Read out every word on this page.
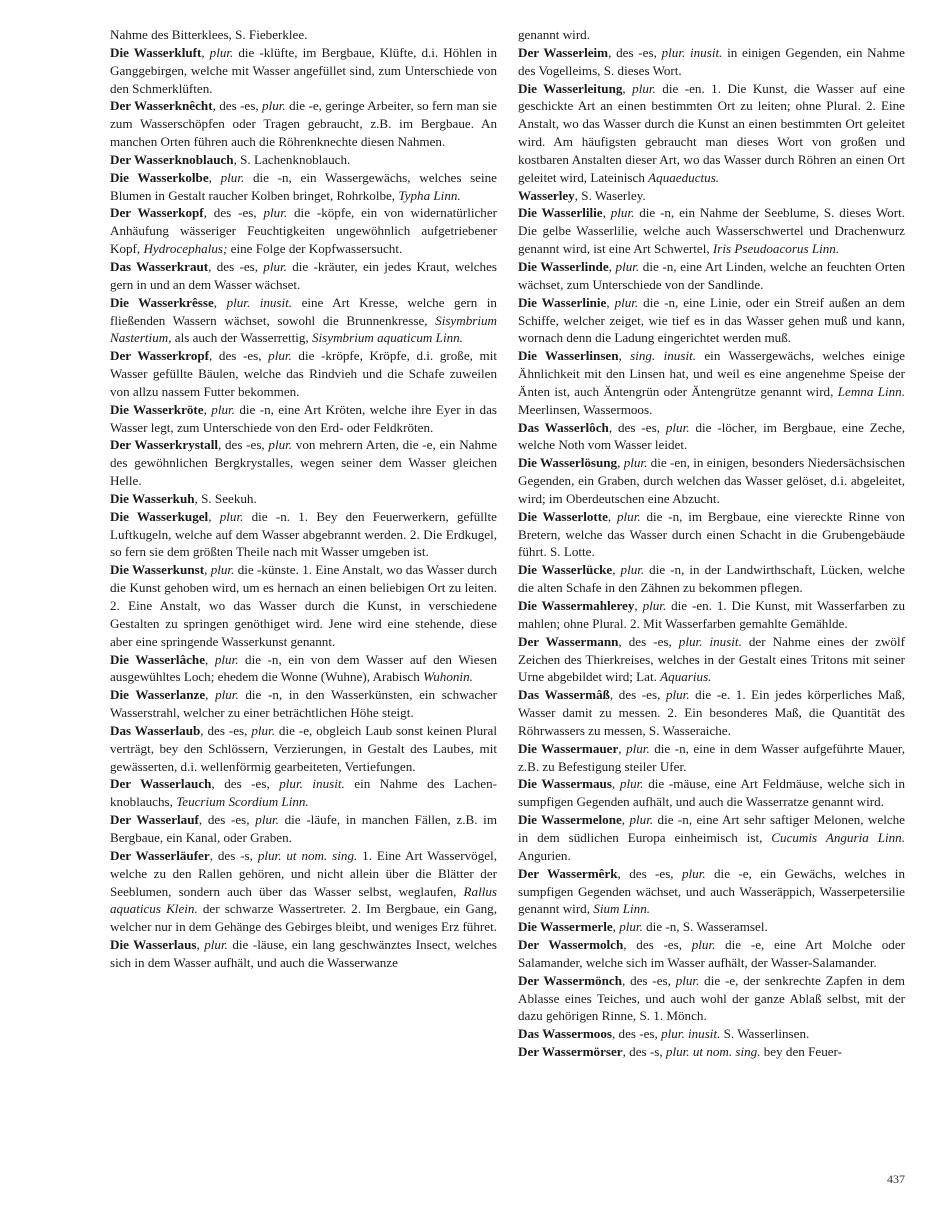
Nahme des Bitterklees, S. Fieberklee.

Die Wasserkluft, plur. die -klüfte, im Bergbaue, Klüfte, d.i. Höhlen in Ganggebirgen, welche mit Wasser angefüllet sind, zum Unterschiede von den Schmerklüften.

Der Wasserknêcht, des -es, plur. die -e, geringe Arbeiter, so fern man sie zum Wasserschöpfen oder Tragen gebraucht, z.B. im Bergbaue. An manchen Orten führen auch die Röhrenknechte diesen Nahmen.

Der Wasserknoblauch, S. Lachenknoblauch.

Die Wasserkolbe, plur. die -n, ein Wassergewächs, welches seine Blumen in Gestalt raucher Kolben bringet, Rohrkolbe, Typha Linn.

Der Wasserkopf, des -es, plur. die -köpfe, ein von widernatürlicher Anhäufung wässeriger Feuchtigkeiten ungewöhnlich aufgetriebener Kopf, Hydrocephalus; eine Folge der Kopfwassersucht.

Das Wasserkraut, des -es, plur. die -kräuter, ein jedes Kraut, welches gern in und an dem Wasser wächset.

Die Wasserkrêsse, plur. inusit. eine Art Kresse, welche gern in fließenden Wassern wächset, sowohl die Brunnenkresse, Sisymbrium Nastertium, als auch der Wasserrettig, Sisymbrium aquaticum Linn.

Der Wasserkropf, des -es, plur. die -kröpfe, Kröpfe, d.i. große, mit Wasser gefüllte Bäulen, welche das Rindvieh und die Schafe zuweilen von allzu nassem Futter bekommen.

Die Wasserkröte, plur. die -n, eine Art Kröten, welche ihre Eyer in das Wasser legt, zum Unterschiede von den Erd- oder Feldkröten.

Der Wasserkrystall, des -es, plur. von mehrern Arten, die -e, ein Nahme des gewöhnlichen Bergkrystalles, wegen seiner dem Wasser gleichen Helle.

Die Wasserkuh, S. Seekuh.

Die Wasserkugel, plur. die -n. 1. Bey den Feuerwerkern, gefüllte Luftkugeln, welche auf dem Wasser abgebrannt werden. 2. Die Erdkugel, so fern sie dem größten Theile nach mit Wasser umgeben ist.

Die Wasserkunst, plur. die -künste. 1. Eine Anstalt, wo das Wasser durch die Kunst gehoben wird, um es hernach an einen beliebigen Ort zu leiten. 2. Eine Anstalt, wo das Wasser durch die Kunst, in verschiedene Gestalten zu springen genöthiget wird. Jene wird eine stehende, diese aber eine springende Wasserkunst genannt.

Die Wasserlâche, plur. die -n, ein von dem Wasser auf den Wiesen ausgewühltes Loch; ehedem die Wonne (Wuhne), Arabisch Wuhonin.

Die Wasserlanze, plur. die -n, in den Wasserkünsten, ein schwacher Wasserstrahl, welcher zu einer beträchtlichen Höhe steigt.

Das Wasserlaub, des -es, plur. die -e, obgleich Laub sonst keinen Plural verträgt, bey den Schlössern, Verzierungen, in Gestalt des Laubes, mit gewässerten, d.i. wellenförmig gearbeiteten, Vertiefungen.

Der Wasserlauch, des -es, plur. inusit. ein Nahme des Lachenknoblauchs, Teucrium Scordium Linn.

Der Wasserlauf, des -es, plur. die -läufe, in manchen Fällen, z.B. im Bergbaue, ein Kanal, oder Graben.

Der Wasserläufer, des -s, plur. ut nom. sing. 1. Eine Art Wasservögel, welche zu den Rallen gehören, und nicht allein über die Blätter der Seeblumen, sondern auch über das Wasser selbst, weglaufen, Rallus aquaticus Klein. der schwarze Wassertreter. 2. Im Bergbaue, ein Gang, welcher nur in dem Gehänge des Gebirges bleibt, und weniges Erz führet.

Die Wasserlaus, plur. die -läuse, ein lang geschwänztes Insect, welches sich in dem Wasser aufhält, und auch die Wasserwanze

genannt wird.

Der Wasserleim, des -es, plur. inusit. in einigen Gegenden, ein Nahme des Vogelleims, S. dieses Wort.

Die Wasserleitung, plur. die -en. 1. Die Kunst, die Wasser auf eine geschickte Art an einen bestimmten Ort zu leiten; ohne Plural. 2. Eine Anstalt, wo das Wasser durch die Kunst an einen bestimmten Ort geleitet wird. Am häufigsten gebraucht man dieses Wort von großen und kostbaren Anstalten dieser Art, wo das Wasser durch Röhren an einen Ort geleitet wird, Lateinisch Aquaeductus.

Wasserley, S. Waserley.

Die Wasserlilie, plur. die -n, ein Nahme der Seeblume, S. dieses Wort. Die gelbe Wasserlilie, welche auch Wasserschwertel und Drachenwurz genannt wird, ist eine Art Schwertel, Iris Pseudoacorus Linn.

Die Wasserlinde, plur. die -n, eine Art Linden, welche an feuchten Orten wächset, zum Unterschiede von der Sandlinde.

Die Wasserlinie, plur. die -n, eine Linie, oder ein Streif außen an dem Schiffe, welcher zeiget, wie tief es in das Wasser gehen muß und kann, wornach denn die Ladung eingerichtet werden muß.

Die Wasserlinsen, sing. inusit. ein Wassergewächs, welches einige Ähnlichkeit mit den Linsen hat, und weil es eine angenehme Speise der Änten ist, auch Äntengrün oder Äntengrütze genannt wird, Lemna Linn. Meerlinsen, Wassermoos.

Das Wasserlôch, des -es, plur. die -löcher, im Bergbaue, eine Zeche, welche Noth vom Wasser leidet.

Die Wasserlösung, plur. die -en, in einigen, besonders Niedersächsischen Gegenden, ein Graben, durch welchen das Wasser gelöset, d.i. abgeleitet, wird; im Oberdeutschen eine Abzucht.

Die Wasserlotte, plur. die -n, im Bergbaue, eine viereckte Rinne von Bretern, welche das Wasser durch einen Schacht in die Grubengebäude führt. S. Lotte.

Die Wasserlücke, plur. die -n, in der Landwirthschaft, Lücken, welche die alten Schafe in den Zähnen zu bekommen pflegen.

Die Wassermahlerey, plur. die -en. 1. Die Kunst, mit Wasserfarben zu mahlen; ohne Plural. 2. Mit Wasserfarben gemahlte Gemählde.

Der Wassermann, des -es, plur. inusit. der Nahme eines der zwölf Zeichen des Thierkreises, welches in der Gestalt eines Tritons mit seiner Urne abgebildet wird; Lat. Aquarius.

Das Wassermâß, des -es, plur. die -e. 1. Ein jedes körperliches Maß, Wasser damit zu messen. 2. Ein besonderes Maß, die Quantität des Röhrwassers zu messen, S. Wasseraiche.

Die Wassermauer, plur. die -n, eine in dem Wasser aufgeführte Mauer, z.B. zu Befestigung steiler Ufer.

Die Wassermaus, plur. die -mäuse, eine Art Feldmäuse, welche sich in sumpfigen Gegenden aufhält, und auch die Wasserratze genannt wird.

Die Wassermelone, plur. die -n, eine Art sehr saftiger Melonen, welche in dem südlichen Europa einheimisch ist, Cucumis Anguria Linn. Angurien.

Der Wassermêrk, des -es, plur. die -e, ein Gewächs, welches in sumpfigen Gegenden wächset, und auch Wasseräppich, Wasserpetersilie genannt wird, Sium Linn.

Die Wassermerle, plur. die -n, S. Wasseramsel.

Der Wassermolch, des -es, plur. die -e, eine Art Molche oder Salamander, welche sich im Wasser aufhält, der Wasser-Salamander.

Der Wassermönch, des -es, plur. die -e, der senkrechte Zapfen in dem Ablasse eines Teiches, und auch wohl der ganze Ablaß selbst, mit der dazu gehörigen Rinne, S. 1. Mönch.

Das Wassermoos, des -es, plur. inusit. S. Wasserlinsen.

Der Wassermörser, des -s, plur. ut nom. sing. bey den Feuer-

437
